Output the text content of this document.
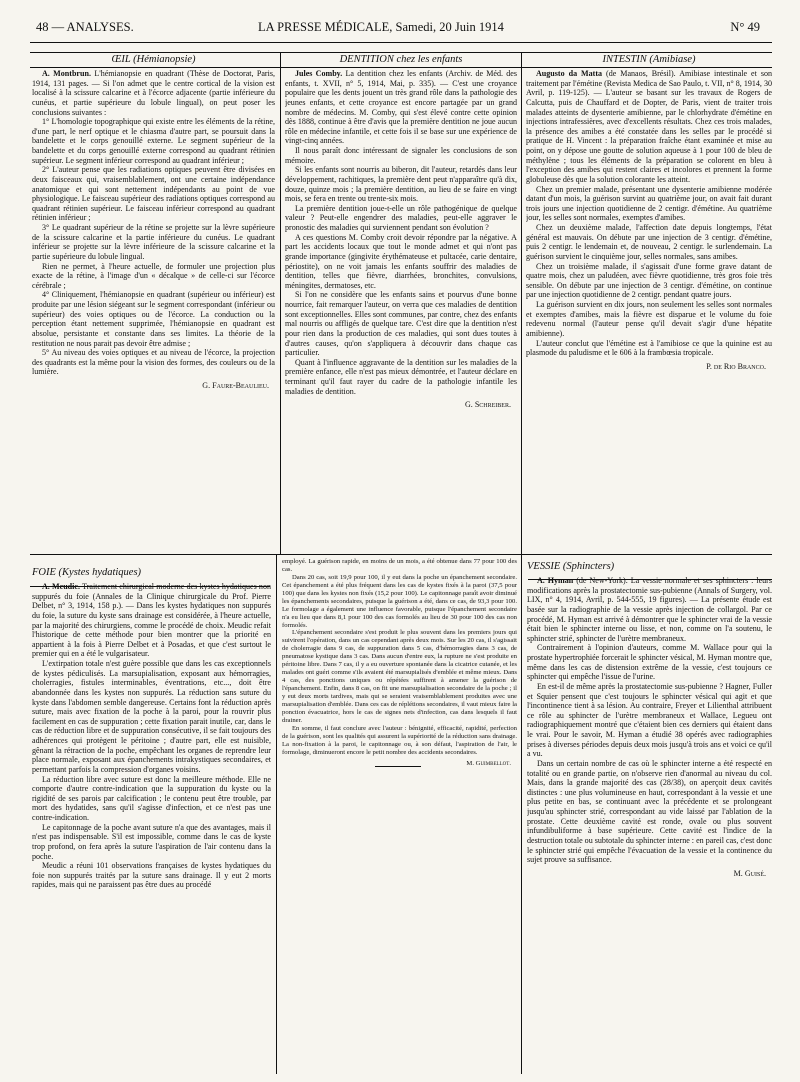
48 — ANALYSES.	LA PRESSE MÉDICALE, Samedi, 20 Juin 1914	N° 49
ŒIL (Hémianopsie)

A. Montbrun. L'hémianopsie en quadrant (Thèse de Doctorat, Paris, 1914, 131 pages. — Si l'on admet que le centre cortical de la vision est localisé à la scissure calcarine et à l'écorce adjacente (partie inférieure du cunéus, et partie supérieure du lobule lingual), on peut poser les conclusions suivantes :

1° L'homologie topographique qui existe entre les éléments de la rétine, d'une part, le nerf optique et le chiasma d'autre part, se poursuit dans la bandelette et le corps genouillé externe. Le segment supérieur de la bandelette et du corps genouillé externe correspond au quadrant rétinien supérieur. Le segment inférieur correspond au quadrant inférieur ;

2° L'auteur pense que les radiations optiques peuvent être divisées en deux faisceaux qui, vraisemblablement, ont une certaine indépendance anatomique et qui sont nettement indépendants au point de vue physiologique. Le faisceau supérieur des radiations optiques correspond au quadrant rétinien supérieur. Le faisceau inférieur correspond au quadrant rétinien inférieur ;

3° Le quadrant supérieur de la rétine se projette sur la lèvre supérieure de la scissure calcarine et la partie inférieure du cunéus. Le quadrant inférieur se projette sur la lèvre inférieure de la scissure calcarine et la partie supérieure du lobule lingual.

Rien ne permet, à l'heure actuelle, de formuler une projection plus exacte de la rétine, à l'image d'un « décalque » de celle-ci sur l'écorce cérébrale ;

4° Cliniquement, l'hémianopsie en quadrant (supérieur ou inférieur) est produite par une lésion siégeant sur le segment correspondant (inférieur ou supérieur) des voies optiques ou de l'écorce. La conduction ou la perception étant nettement supprimée, l'hémianopsie en quadrant est absolue, persistante et constante dans ses limites. La théorie de la restitution ne nous parait pas devoir être admise ;

5° Au niveau des voies optiques et au niveau de l'écorce, la projection des quadrants est la même pour la vision des formes, des couleurs ou de la lumière.

G. Faure-Beaulieu.
DENTITION chez les enfants

Jules Comby. La dentition chez les enfants (Archiv. de Méd. des enfants, t. XVII, n° 5, 1914, Mai, p. 335). — C'est une croyance populaire que les dents jouent un très grand rôle dans la pathologie des jeunes enfants, et cette croyance est encore partagée par un grand nombre de médecins. M. Comby, qui s'est élevé contre cette opinion dès 1888, continue à être d'avis que la première dentition ne joue aucun rôle en médecine infantile, et cette fois il se base sur une expérience de vingt-cinq années.

Il nous paraît donc intéressant de signaler les conclusions de son mémoire.

Si les enfants sont nourris au biberon, dit l'auteur, retardés dans leur développement, rachitiques, la première dent peut n'apparaître qu'à dix, douze, quinze mois ; la première dentition, au lieu de se faire en vingt mois, se fera en trente ou trente-six mois.

La première dentition joue-t-elle un rôle pathogénique de quelque valeur ? Peut-elle engendrer des maladies, peut-elle aggraver le pronostic des maladies qui surviennent pendant son évolution ?

A ces questions M. Comby croit devoir répondre par la négative. A part les accidents locaux que tout le monde admet et qui n'ont pas grande importance (gingivite érythémateuse et pultacée, carie dentaire, périostite), on ne voit jamais les enfants souffrir des maladies de dentition, telles que fièvre, diarrhées, bronchites, convulsions, méningites, dermatoses, etc.

Si l'on ne considère que les enfants sains et pourvus d'une bonne nourrice, fait remarquer l'auteur, on verra que ces maladies de dentition sont exceptionnelles. Elles sont communes, par contre, chez des enfants mal nourris ou affligés de quelque tare. C'est dire que la dentition n'est pour rien dans la production de ces maladies, qui sont dues toutes à d'autres causes, qu'on s'appliquera à découvrir dans chaque cas particulier.

Quant à l'influence aggravante de la dentition sur les maladies de la première enfance, elle n'est pas mieux démontrée, et l'auteur déclare en terminant qu'il faut rayer du cadre de la pathologie infantile les maladies de dentition.

G. Schreiber.
INTESTIN (Amibiase)

Augusto da Matta (de Manaos, Brésil). Amibiase intestinale et son traitement par l'émétine (Revista Medica de Sao Paulo, t. VII, n° 8, 1914, 30 Avril, p. 119-125). — L'auteur se basant sur les travaux de Rogers de Calcutta, puis de Chauffard et de Dopter, de Paris, vient de traiter trois malades atteints de dysenterie amibienne, par le chlorhydrate d'émétine en injections intrafessières, avec d'excellents résultats. Chez ces trois malades, la présence des amibes a été constatée dans les selles par le procédé si pratique de H. Vincent : la préparation fraîche étant examinée et mise au point, on y dépose une goutte de solution aqueuse à 1 pour 100 de bleu de méthylène ; tous les éléments de la préparation se colorent en bleu à l'exception des amibes qui restent claires et incolores et prennent la forme globuleuse dès que la solution colorante les atteint.

Chez un premier malade, présentant une dysenterie amibienne modérée datant d'un mois, la guérison survint au quatrième jour, on avait fait durant trois jours une injection quotidienne de 2 centigr. d'émétine. Au quatrième jour, les selles sont normales, exemptes d'amibes.

Chez un deuxième malade, l'affection date depuis longtemps, l'état général est mauvais. On débute par une injection de 3 centigr. d'émétine, puis 2 centigr. le lendemain et, de nouveau, 2 centigr. le surlendemain. La guérison survient le cinquième jour, selles normales, sans amibes.

Chez un troisième malade, il s'agissait d'une forme grave datant de quatre mois, chez un paludéen, avec fièvre quotidienne, très gros foie très sensible. On débute par une injection de 3 centigr. d'émétine, on continue par une injection quotidienne de 2 centigr. pendant quatre jours.

La guérison survient en dix jours, non seulement les selles sont normales et exemptes d'amibes, mais la fièvre est disparue et le volume du foie redevenu normal (l'auteur pense qu'il devait s'agir d'une hépatite amibienne).

L'auteur conclut que l'émétine est à l'amibiose ce que la quinine est au plasmode du paludisme et le 606 à la frambœsia tropicale.

P. de Rio Branco.
FOIE (Kystes hydatiques)

A. Meudic. Traitement chirurgical moderne des kystes hydatiques non suppurés du foie (Annales de la Clinique chirurgicale du Prof. Pierre Delbet, n° 3, 1914, 158 p.). — Dans les kystes hydatiques non suppurés du foie, la suture du kyste sans drainage est considérée, à l'heure actuelle, par la majorité des chirurgiens, comme le procédé de choix. Meudic refait l'historique de cette méthode pour bien montrer que la priorité en appartient à la fois à Pierre Delbet et à Posadas, et que c'est surtout le premier qui en a été le vulgarisateur.

L'extirpation totale n'est guère possible que dans les cas exceptionnels de kystes pédiculisés. La marsupialisation, exposant aux hémorragies, cholerragies, fistules interminables, éventrations, etc..., doit être abandonnée dans les kystes non suppurés. La réduction sans suture du kyste dans l'abdomen semble dangereuse. Certains font la réduction après suture, mais avec fixation de la poche à la paroi, pour la rouvrir plus facilement en cas de suppuration ; cette fixation parait inutile, car, dans le cas de réduction libre et de suppuration consécutive, il se fait toujours des adhérences qui protègent le péritoine ; d'autre part, elle est nuisible, gênant la rétraction de la poche, empêchant les organes de reprendre leur place normale, exposant aux épanchements intrakystiques secondaires, et permettant parfois la compression d'organes voisins.

La réduction libre avec suture est donc la meilleure méthode. Elle ne comporte d'autre contre-indication que la suppuration du kyste ou la rigidité de ses parois par calcification ; le contenu peut être trouble, par mort des hydatides, sans qu'il s'agisse d'infection, et ce n'est pas une contre-indication.

Le capitonnage de la poche avant suture n'a que des avantages, mais il n'est pas indispensable. S'il est impossible, comme dans le cas de kyste trop profond, on fera après la suture l'aspiration de l'air contenu dans la poche.

Meudic a réuni 101 observations françaises de kystes hydatiques du foie non suppurés traités par la suture sans drainage. Il y eut 2 morts rapides, mais qui ne paraissent pas être dues au procédé

employé. La guérison rapide, en moins de un mois, a été obtenue dans 77 pour 100 des cas.

Dans 20 cas, soit 19,9 pour 100, il y eut dans la poche un épanchement secondaire. Cet épanchement a été plus fréquent dans les cas de kystes fixés à la paroi (37,5 pour 100) que dans les kystes non fixés (15,2 pour 100). Le capitonnage paraît avoir diminué les épanchements secondaires, puisque la guérison a été, dans ce cas, de 93,3 pour 100. Le formolage a également une influence favorable, puisque l'épanchement secondaire n'a eu lieu que dans 8,1 pour 100 des cas formolés au lieu de 30 pour 100 des cas non formolés.

L'épanchement secondaire s'est produit le plus souvent dans les premiers jours qui suivirent l'opération, dans un cas cependant après deux mois. Sur les 20 cas, il s'agissait de cholerragie dans 9 cas, de suppuration dans 5 cas, d'hémorragies dans 3 cas, de pneumatose kystique dans 3 cas. Dans aucun d'entre eux, la rupture ne s'est produite en péritoine libre. Dans 7 cas, il y a eu ouverture spontanée dans la cicatrice cutanée, et les malades ont guéri comme s'ils avaient été marsupialisés d'emblée et même mieux. Dans 4 cas, des ponctions uniques ou répétées suffirent à amener la guérison de l'épanchement. Enfin, dans 8 cas, on fit une marsupialisation secondaire de la poche ; il y eut deux morts tardives, mais qui se seraient vraisemblablement produites avec une marsupialisation d'emblée. Dans ces cas de réplétions secondaires, il vaut mieux faire la ponction évacuatrice, hors le cas de signes nets d'infection, cas dans lesquels il faut drainer.

En somme, il faut conclure avec l'auteur : bénignité, efficacité, rapidité, perfection de la guérison, sont les qualités qui assurent la supériorité de la réduction sans drainage. La non-fixation à la paroi, le capitonnage ou, à son défaut, l'aspiration de l'air, le formolage, diminueront encore le petit nombre des accidents secondaires.

M. Guimbellot.
VESSIE (Sphincters)

A. Hyman (de New-York). La vessie normale et ses sphincters : leurs modifications après la prostatectomie sus-pubienne (Annals of Surgery, vol. LIX, n° 4, 1914, Avril, p. 544-555, 19 figures). — La présente étude est basée sur la radiographie de la vessie après injection de collargol. Par ce procédé, M. Hyman est arrivé à démontrer que le sphincter vrai de la vessie était bien le sphincter interne ou lisse, et non, comme on l'a soutenu, le sphincter strié, sphincter de l'urètre membraneux.

Contrairement à l'opinion d'auteurs, comme M. Wallace pour qui la prostate hypertrophiée forcerait le sphincter vésical, M. Hyman montre que, même dans les cas de distension extrême de la vessie, c'est toujours ce sphincter qui empêche l'issue de l'urine.

En est-il de même après la prostatectomie sus-pubienne ? Hagner, Fuller et Squier pensent que c'est toujours le sphincter vésical qui agit et que l'incontinence tient à sa lésion. Au contraire, Freyer et Lilienthal attribuent ce rôle au sphincter de l'urètre membraneux et Wallace, Legueu ont radiographiquement montré que c'étaient bien ces derniers qui étaient dans le vrai. Pour le savoir, M. Hyman a étudié 38 opérés avec radiographies prises à diverses périodes depuis deux mois jusqu'à trois ans et voici ce qu'il a vu.

Dans un certain nombre de cas où le sphincter interne a été respecté en totalité ou en grande partie, on n'observe rien d'anormal au niveau du col. Mais, dans la grande majorité des cas (28/38), on aperçoit deux cavités distinctes : une plus volumineuse en haut, correspondant à la vessie et une plus petite en bas, se continuant avec la précédente et se prolongeant jusqu'au sphincter strié, correspondant au vide laissé par l'ablation de la prostate. Cette deuxième cavité est ronde, ovale ou plus souvent infundibuliforme à base supérieure. Cette cavité est l'indice de la destruction totale ou subtotale du sphincter interne : en pareil cas, c'est donc le sphincter strié qui empêche l'évacuation de la vessie et la continence du sujet prouve sa suffisance.

M. Guisé.
